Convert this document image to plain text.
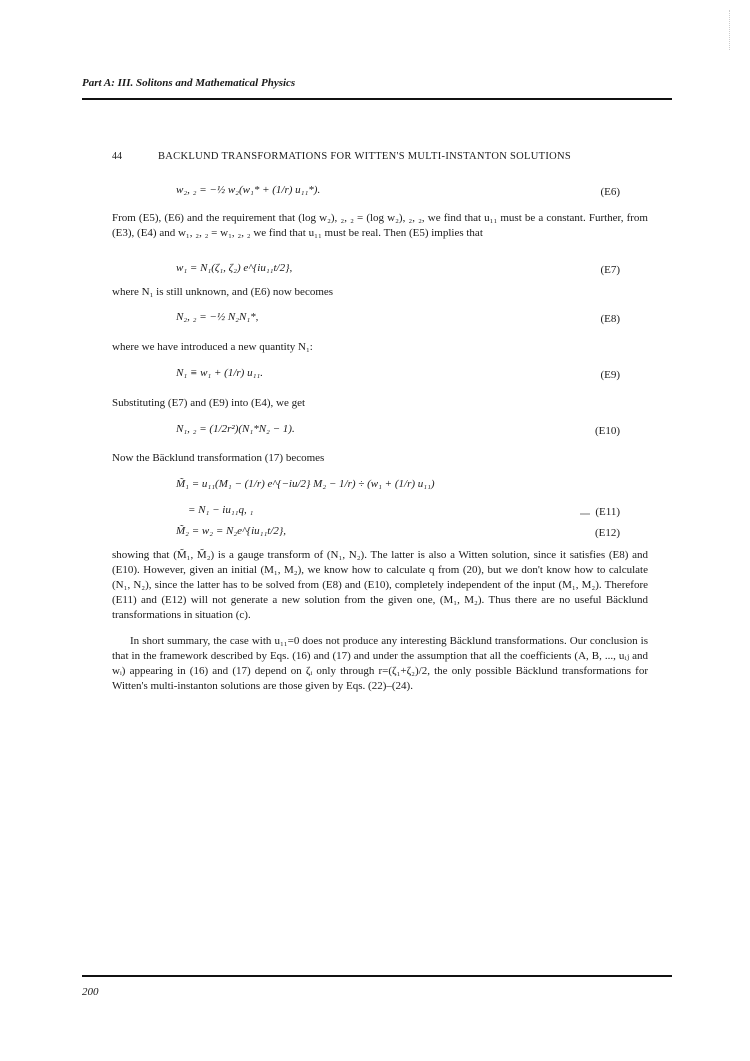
Part A: III. Solitons and Mathematical Physics
44	BACKLUND TRANSFORMATIONS FOR WITTEN'S MULTI-INSTANTON SOLUTIONS
w₂, ₂ = −½ w₂(w₁* + (1/r) u₁₁*).	(E6)
From (E5), (E6) and the requirement that (log w₂), ₂, ₂ = (log w₂), ₂, ₂, we find that u₁₁ must be a constant. Further, from (E3), (E4) and w₁, ₂, ₂ = w₁, ₂, ₂ we find that u₁₁ must be real. Then (E5) implies that
w₁ = N₁(ζ₁, ζ₂) e^{iu₁₁t/2},	(E7)
where N₁ is still unknown, and (E6) now becomes
N₂, ₂ = −½ N₂N₁*,	(E8)
where we have introduced a new quantity N₁:
N₁ ≡ w₁ + (1/r) u₁₁.	(E9)
Substituting (E7) and (E9) into (E4), we get
N₁, ₂ = (1/2r²)(N₁*N₂ − 1).	(E10)
Now the Bäcklund transformation (17) becomes
M̃₁ = u₁₁(M₁ − (1/r) e^{−iu/2} M₂ − 1/r) ÷ (w₁ + (1/r) u₁₁)
= N₁ − iu₁₁q, ₁	(E11)
M̃₂ = w₂ = N₂e^{iu₁₁t/2},	(E12)
showing that (M̃₁, M̃₂) is a gauge transform of (N₁, N₂). The latter is also a Witten solution, since it satisfies (E8) and (E10). However, given an initial (M₁, M₂), we know how to calculate q from (20), but we don't know how to calculate (N₁, N₂), since the latter has to be solved from (E8) and (E10), completely independent of the input (M₁, M₂). Therefore (E11) and (E12) will not generate a new solution from the given one, (M₁, M₂). Thus there are no useful Bäcklund transformations in situation (c).
In short summary, the case with u₁₁=0 does not produce any interesting Bäcklund transformations. Our conclusion is that in the framework described by Eqs. (16) and (17) and under the assumption that all the coefficients (A, B, ..., uᵢⱼ and wᵢ) appearing in (16) and (17) depend on ζᵢ only through r=(ζ₁+ζ₂)/2, the only possible Bäcklund transformations for Witten's multi-instanton solutions are those given by Eqs. (22)–(24).
200
